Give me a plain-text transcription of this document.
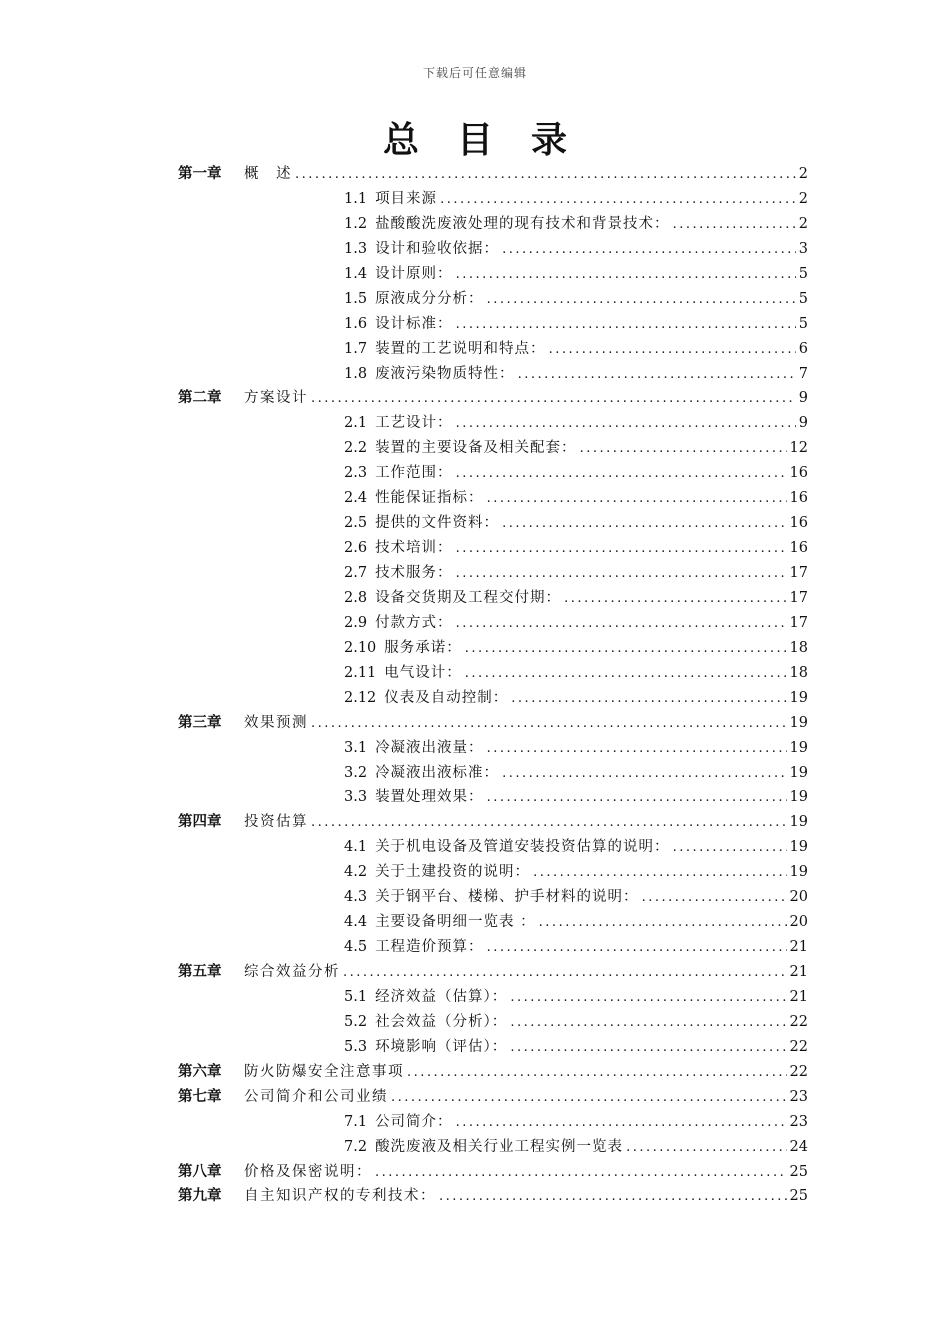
下载后可任意编辑
总目录
第一章	概　述 .....	2
1.1 项目来源 .....	2
1.2 盐酸酸洗废液处理的现有技术和背景技术： .....	2
1.3 设计和验收依据： .....	3
1.4 设计原则： .....	5
1.5 原液成分分析： .....	5
1.6 设计标准： .....	5
1.7 装置的工艺说明和特点： .....	6
1.8 废液污染物质特性： .....	7
第二章	方案设计 .....	9
2.1 工艺设计： .....	9
2.2 装置的主要设备及相关配套： .....	12
2.3 工作范围： .....	16
2.4 性能保证指标： .....	16
2.5 提供的文件资料： .....	16
2.6 技术培训： .....	16
2.7 技术服务： .....	17
2.8 设备交货期及工程交付期： .....	17
2.9 付款方式： .....	17
2.10 服务承诺： .....	18
2.11 电气设计： .....	18
2.12 仪表及自动控制： .....	19
第三章	效果预测 .....	19
3.1 冷凝液出液量： .....	19
3.2 冷凝液出液标准： .....	19
3.3 装置处理效果： .....	19
第四章	投资估算 .....	19
4.1 关于机电设备及管道安装投资估算的说明： .....	19
4.2 关于土建投资的说明： .....	19
4.3 关于钢平台、楼梯、护手材料的说明： .....	20
4.4 主要设备明细一览表 ： .....	20
4.5 工程造价预算： .....	21
第五章	综合效益分析 .....	21
5.1 经济效益（估算）： .....	21
5.2 社会效益（分析）： .....	22
5.3 环境影响（评估）： .....	22
第六章	防火防爆安全注意事项 .....	22
第七章	公司简介和公司业绩 .....	23
7.1 公司简介： .....	23
7.2 酸洗废液及相关行业工程实例一览表 .....	24
第八章	价格及保密说明： .....	25
第九章	自主知识产权的专利技术： .....	25
